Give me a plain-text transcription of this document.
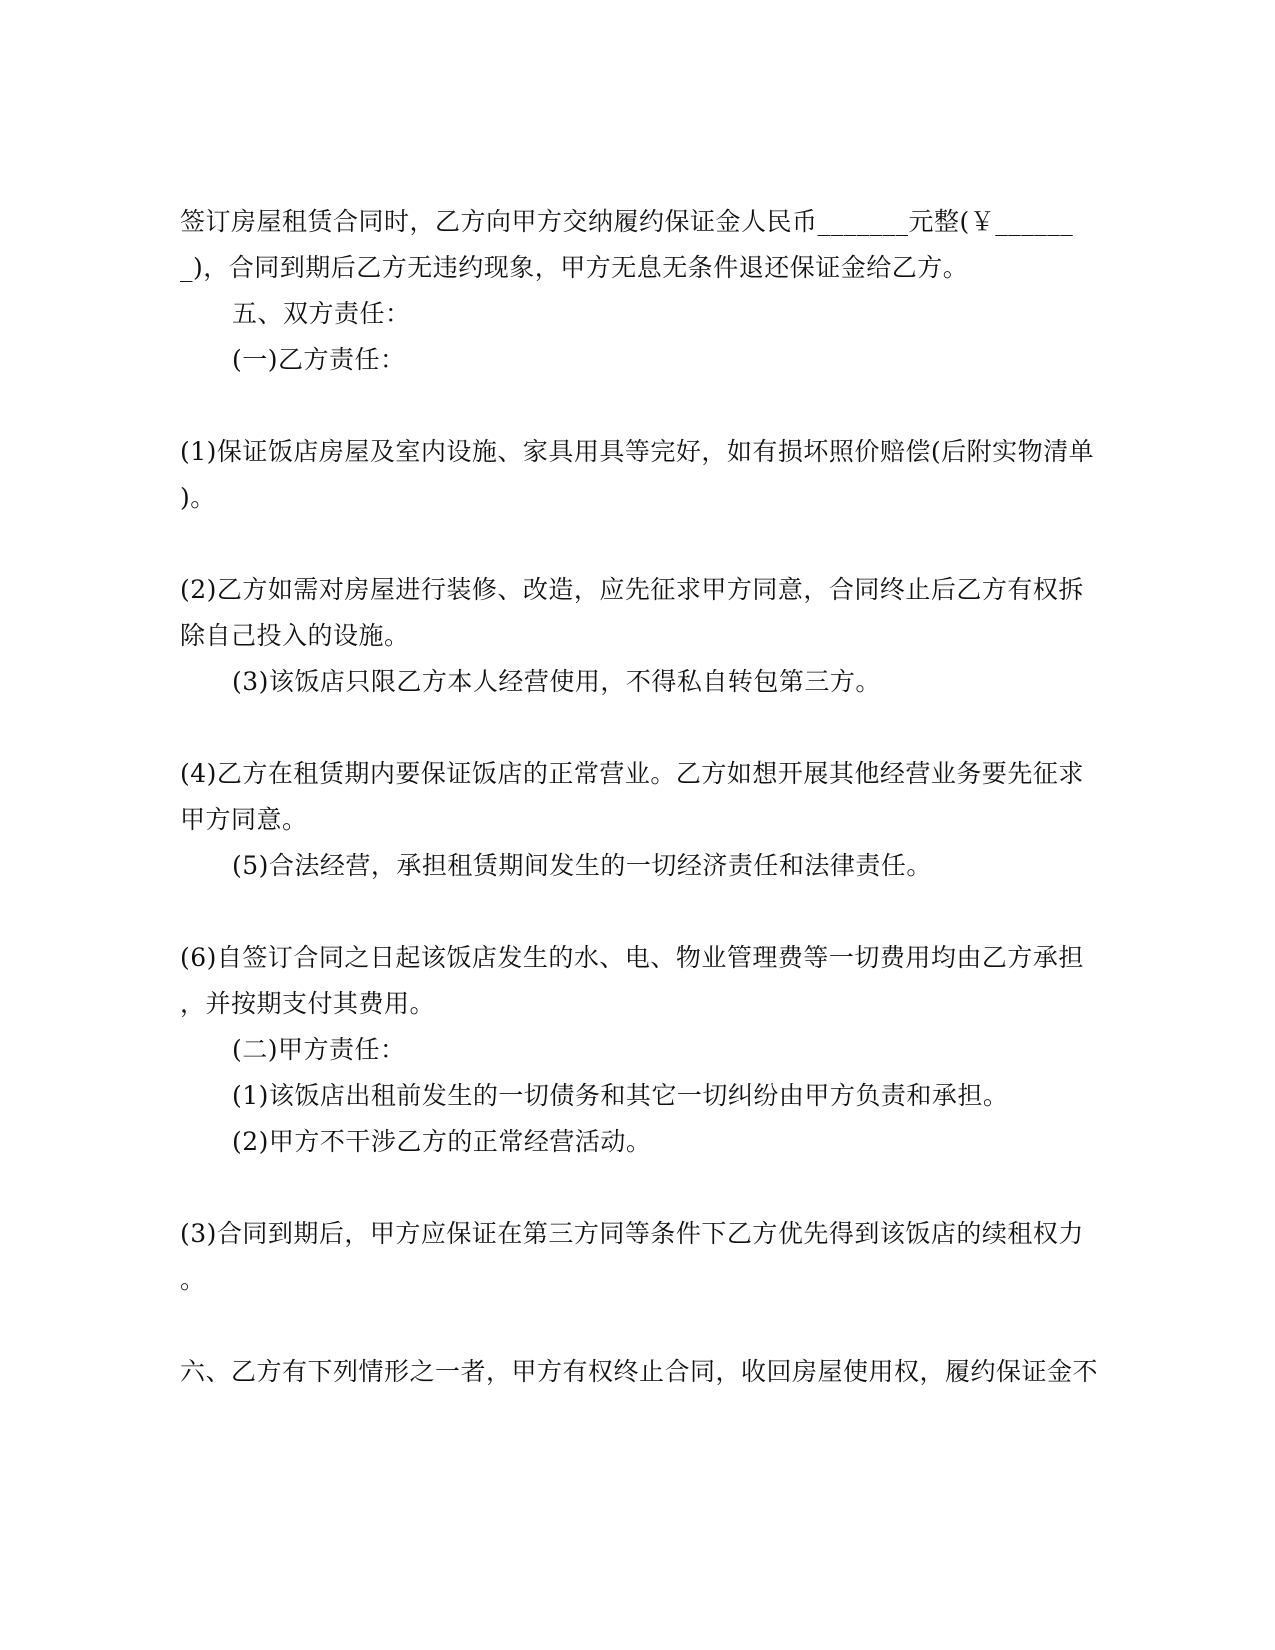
签订房屋租赁合同时，乙方向甲方交纳履约保证金人民币_______元整(￥______
_)，合同到期后乙方无违约现象，甲方无息无条件退还保证金给乙方。
五、双方责任：
(一)乙方责任：
(1)保证饭店房屋及室内设施、家具用具等完好，如有损坏照价赔偿(后附实物清单
)。
(2)乙方如需对房屋进行装修、改造，应先征求甲方同意，合同终止后乙方有权拆
除自己投入的设施。
(3)该饭店只限乙方本人经营使用，不得私自转包第三方。
(4)乙方在租赁期内要保证饭店的正常营业。乙方如想开展其他经营业务要先征求
甲方同意。
(5)合法经营，承担租赁期间发生的一切经济责任和法律责任。
(6)自签订合同之日起该饭店发生的水、电、物业管理费等一切费用均由乙方承担
，并按期支付其费用。
(二)甲方责任：
(1)该饭店出租前发生的一切债务和其它一切纠纷由甲方负责和承担。
(2)甲方不干涉乙方的正常经营活动。
(3)合同到期后，甲方应保证在第三方同等条件下乙方优先得到该饭店的续租权力
。
六、乙方有下列情形之一者，甲方有权终止合同，收回房屋使用权，履约保证金不
